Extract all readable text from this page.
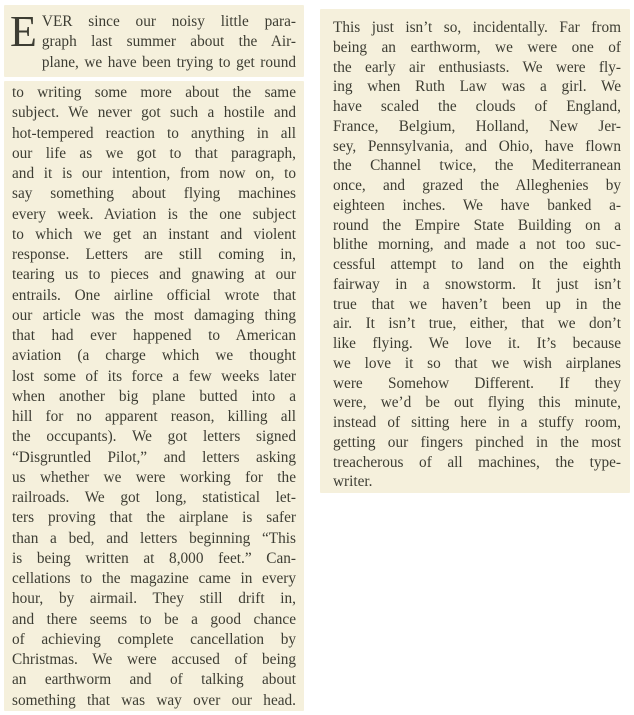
E VER since our noisy little para-
graph last summer about the Air-
plane, we have been trying to get round
to writing some more about the same
subject. We never got such a hostile and
hot-tempered reaction to anything in all
our life as we got to that paragraph,
and it is our intention, from now on, to
say something about flying machines
every week. Aviation is the one subject
to which we get an instant and violent
response. Letters are still coming in,
tearing us to pieces and gnawing at our
entrails. One airline official wrote that
our article was the most damaging thing
that had ever happened to American
aviation (a charge which we thought
lost some of its force a few weeks later
when another big plane butted into a
hill for no apparent reason, killing all
the occupants). We got letters signed
“Disgruntled Pilot,” and letters asking
us whether we were working for the
railroads. We got long, statistical let-
ters proving that the airplane is safer
than a bed, and letters beginning “This
is being written at 8,000 feet.” Can-
cellations to the magazine came in every
hour, by airmail. They still drift in,
and there seems to be a good chance
of achieving complete cancellation by
Christmas. We were accused of being
an earthworm and of talking about
something that was way over our head.
This just isn’t so, incidentally. Far from
being an earthworm, we were one of
the early air enthusiasts. We were fly-
ing when Ruth Law was a girl. We
have scaled the clouds of England,
France, Belgium, Holland, New Jer-
sey, Pennsylvania, and Ohio, have flown
the Channel twice, the Mediterranean
once, and grazed the Alleghenies by
eighteen inches. We have banked a-
round the Empire State Building on a
blithe morning, and made a not too suc-
cessful attempt to land on the eighth
fairway in a snowstorm. It just isn’t
true that we haven’t been up in the
air. It isn’t true, either, that we don’t
like flying. We love it. It’s because
we love it so that we wish airplanes
were Somehow Different. If they
were, we’d be out flying this minute,
instead of sitting here in a stuffy room,
getting our fingers pinched in the most
treacherous of all machines, the type-
writer.
